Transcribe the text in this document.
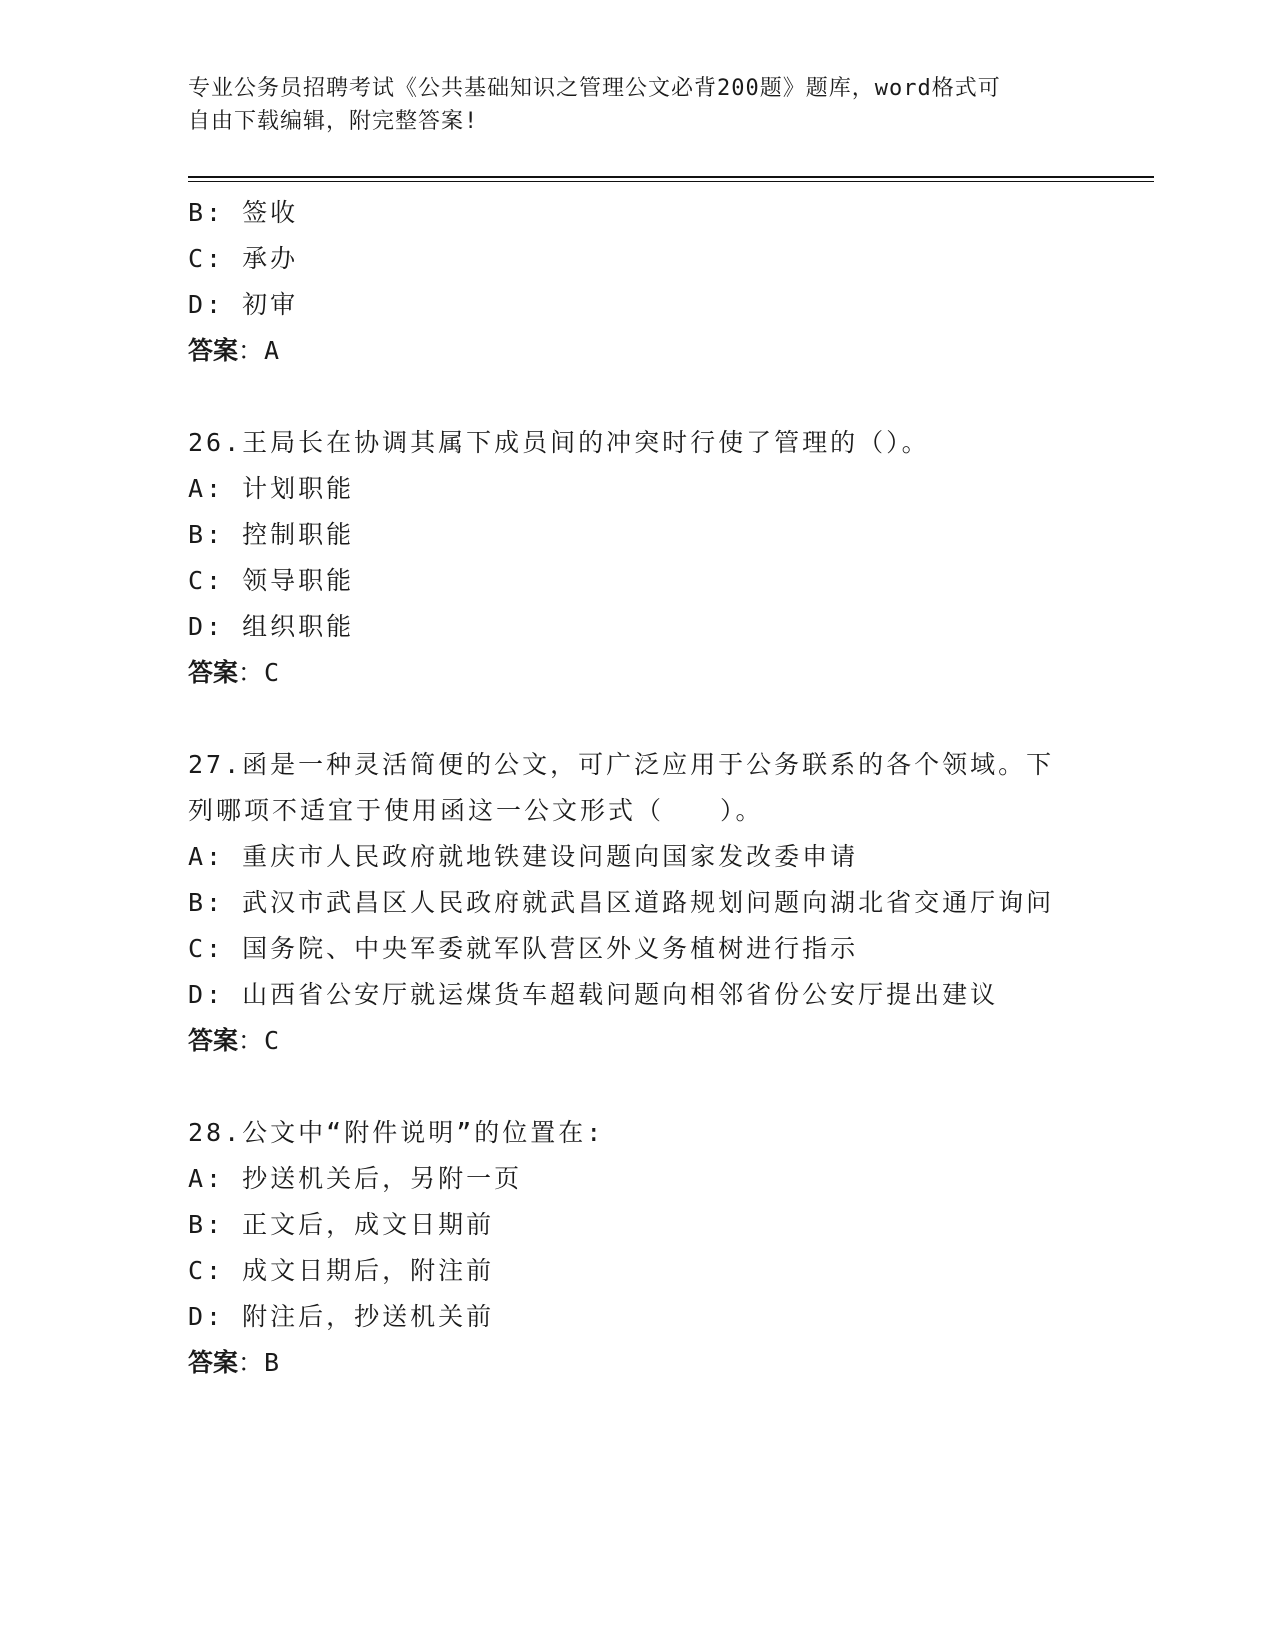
专业公务员招聘考试《公共基础知识之管理公文必背200题》题库，word格式可
自由下载编辑，附完整答案!
B: 签收
C: 承办
D: 初审
答案：A
26.王局长在协调其属下成员间的冲突时行使了管理的（）。
A: 计划职能
B: 控制职能
C: 领导职能
D: 组织职能
答案：C
27.函是一种灵活简便的公文，可广泛应用于公务联系的各个领域。下
列哪项不适宜于使用函这一公文形式（　　）。
A: 重庆市人民政府就地铁建设问题向国家发改委申请
B: 武汉市武昌区人民政府就武昌区道路规划问题向湖北省交通厅询问
C: 国务院、中央军委就军队营区外义务植树进行指示
D: 山西省公安厅就运煤货车超载问题向相邻省份公安厅提出建议
答案：C
28.公文中“附件说明”的位置在:
A: 抄送机关后，另附一页
B: 正文后，成文日期前
C: 成文日期后，附注前
D: 附注后，抄送机关前
答案：B
